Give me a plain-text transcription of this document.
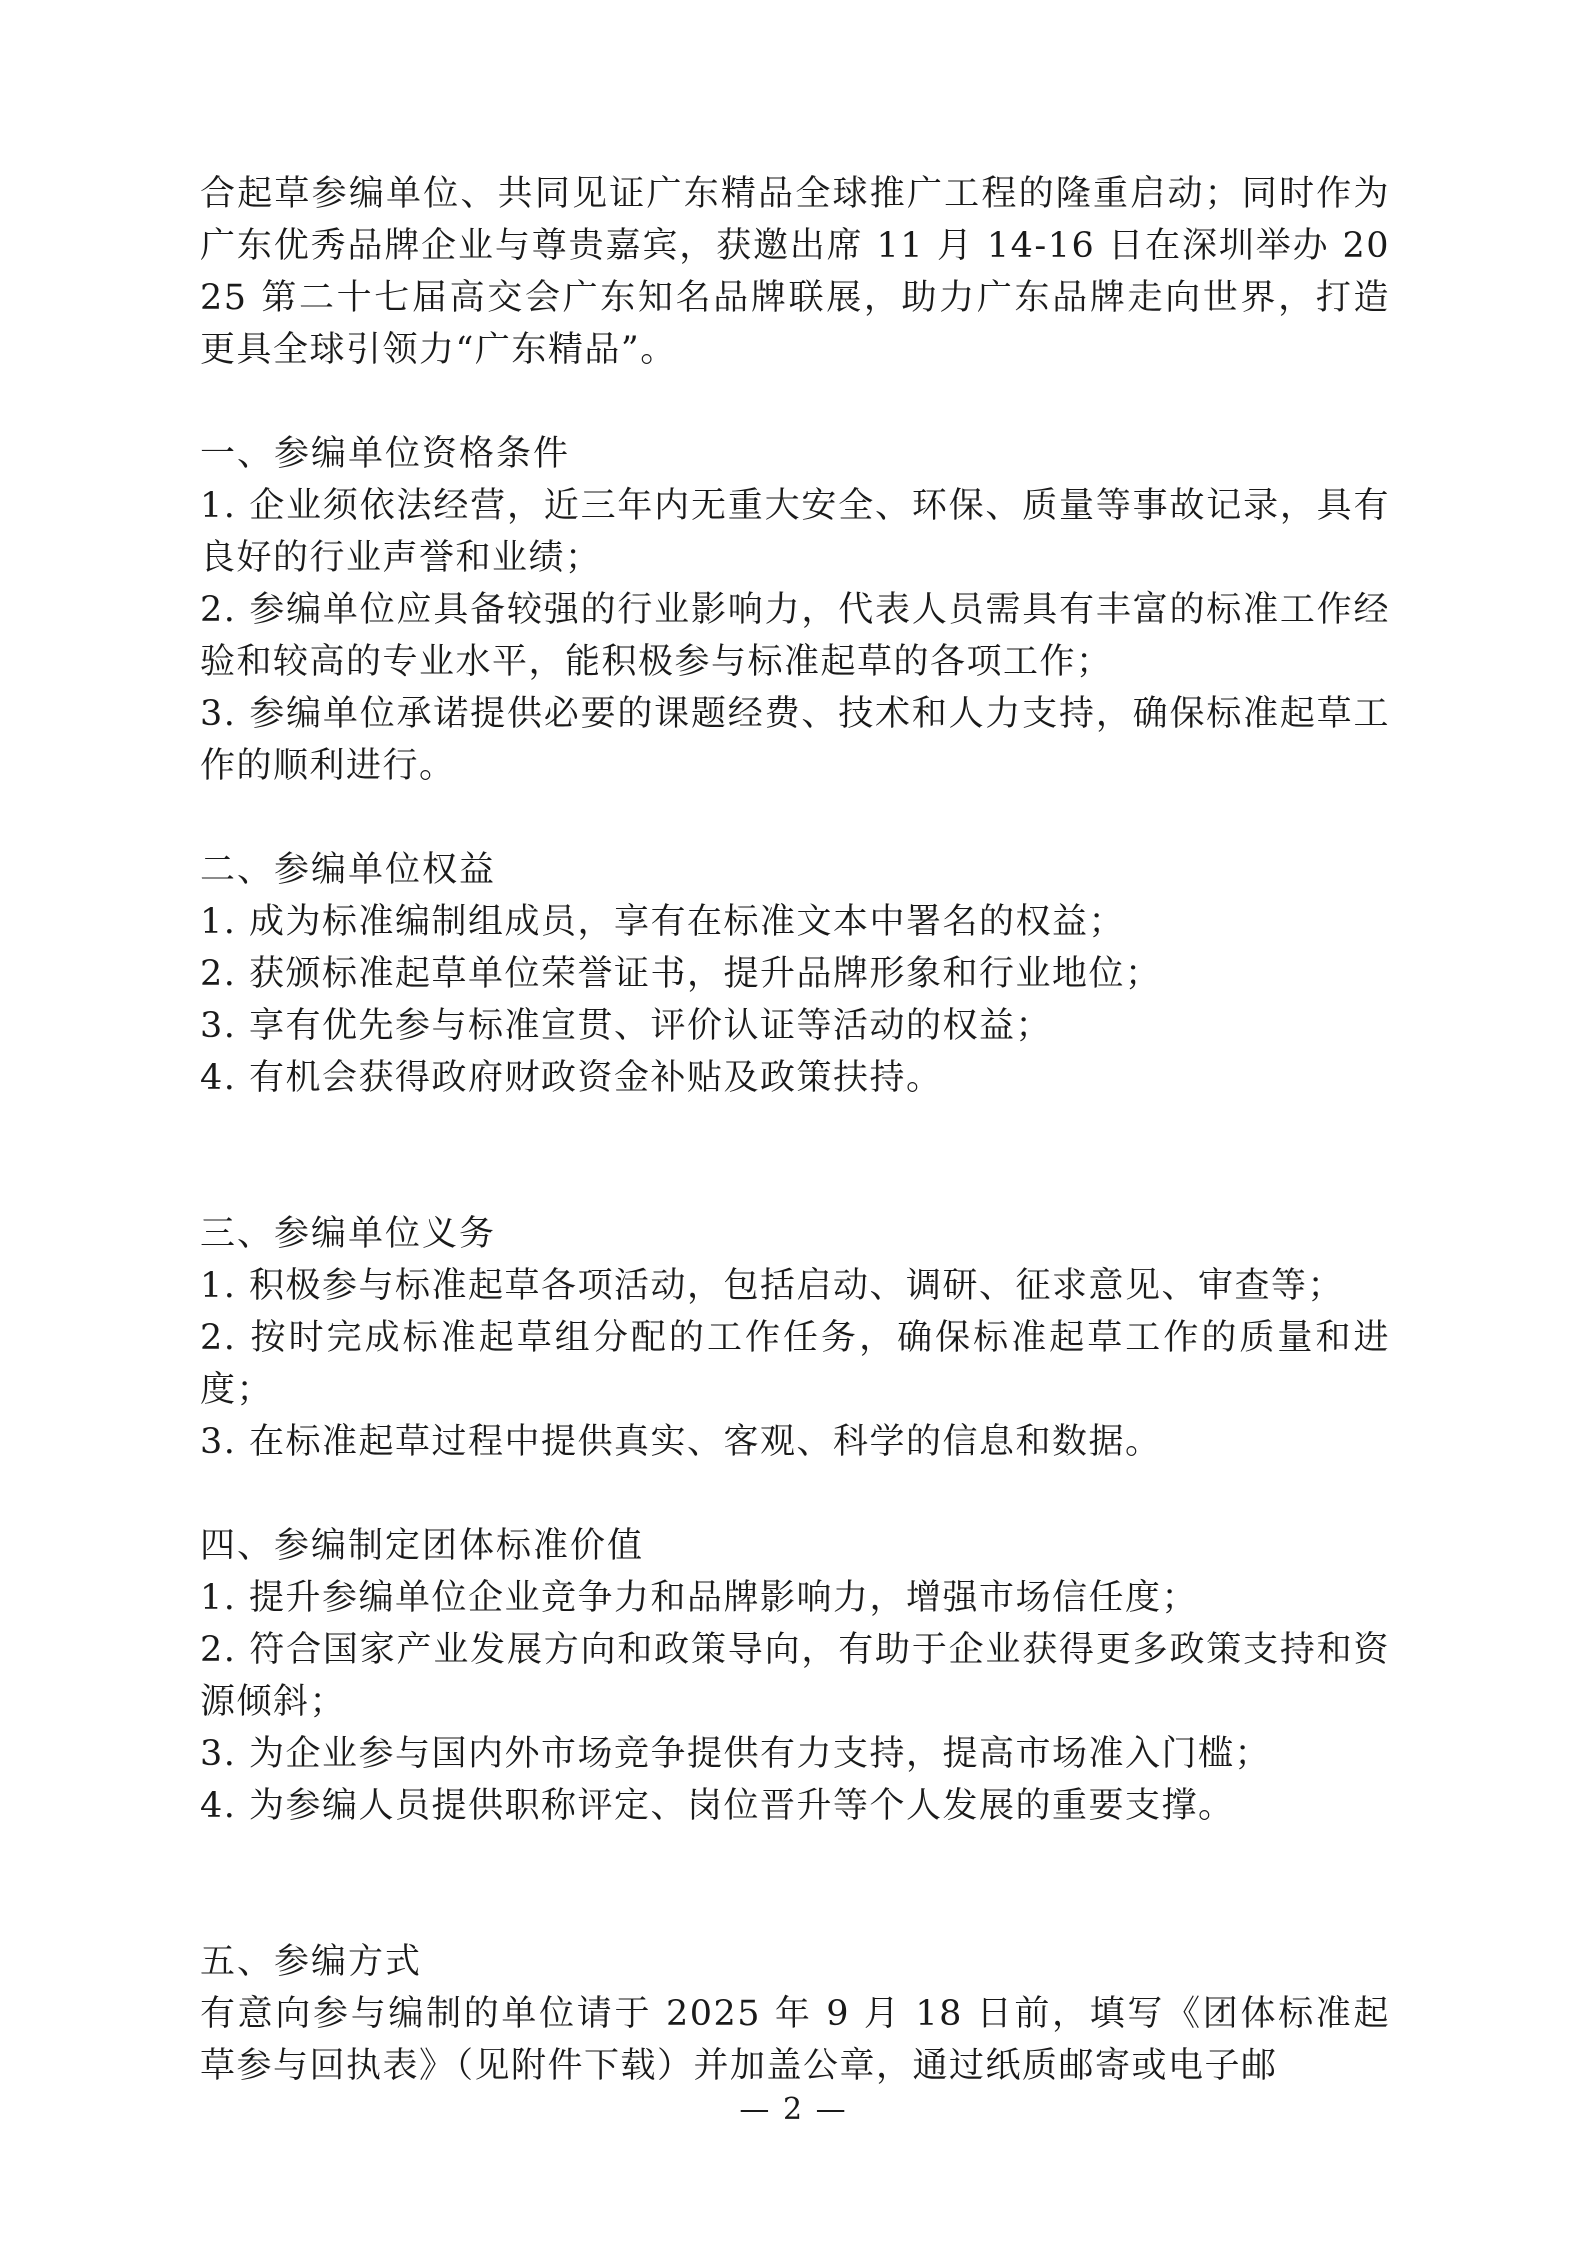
合起草参编单位、共同见证广东精品全球推广工程的隆重启动；同时作为广东优秀品牌企业与尊贵嘉宾，获邀出席 11 月 14-16 日在深圳举办 2025 第二十七届高交会广东知名品牌联展，助力广东品牌走向世界，打造更具全球引领力“广东精品”。

一、参编单位资格条件

1. 企业须依法经营，近三年内无重大安全、环保、质量等事故记录，具有良好的行业声誉和业绩；

2. 参编单位应具备较强的行业影响力，代表人员需具有丰富的标准工作经验和较高的专业水平，能积极参与标准起草的各项工作；

3. 参编单位承诺提供必要的课题经费、技术和人力支持，确保标准起草工作的顺利进行。

二、参编单位权益

1. 成为标准编制组成员，享有在标准文本中署名的权益；

2. 获颁标准起草单位荣誉证书，提升品牌形象和行业地位；

3. 享有优先参与标准宣贯、评价认证等活动的权益；

4. 有机会获得政府财政资金补贴及政策扶持。

三、参编单位义务

1. 积极参与标准起草各项活动，包括启动、调研、征求意见、审查等；

2. 按时完成标准起草组分配的工作任务，确保标准起草工作的质量和进度；

3. 在标准起草过程中提供真实、客观、科学的信息和数据。

四、参编制定团体标准价值

1. 提升参编单位企业竞争力和品牌影响力，增强市场信任度；

2. 符合国家产业发展方向和政策导向，有助于企业获得更多政策支持和资源倾斜；

3. 为企业参与国内外市场竞争提供有力支持，提高市场准入门槛；

4. 为参编人员提供职称评定、岗位晋升等个人发展的重要支撑。

五、参编方式

有意向参与编制的单位请于 2025 年 9 月 18 日前，填写《团体标准起草参与回执表》（见附件下载）并加盖公章，通过纸质邮寄或电子邮

— 2 —
